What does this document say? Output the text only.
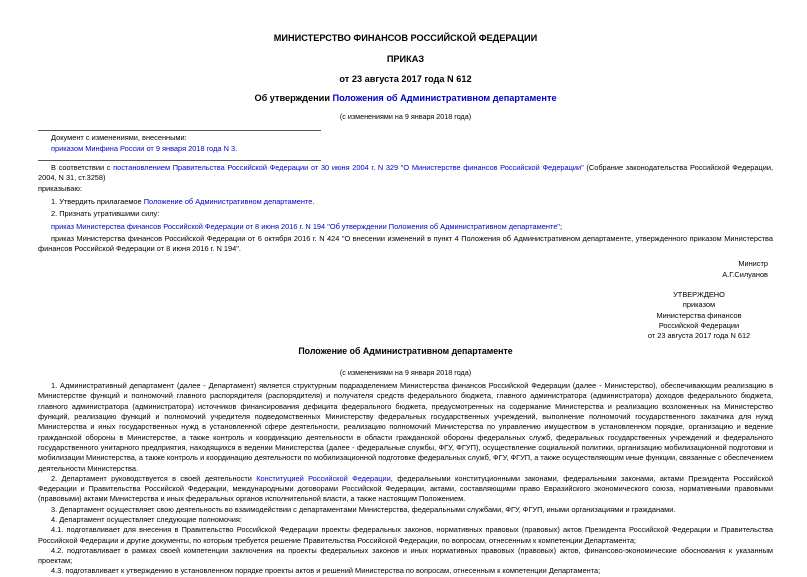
МИНИСТЕРСТВО ФИНАНСОВ РОССИЙСКОЙ ФЕДЕРАЦИИ

ПРИКАЗ

от 23 августа 2017 года N 612

Об утверждении Положения об Административном департаменте

(с изменениями на 9 января 2018 года)

Документ с изменениями, внесенными:

приказом Минфина России от 9 января 2018 года N 3.

В соответствии с постановлением Правительства Российской Федерации от 30 июня 2004 г. N 329 "О Министерстве финансов Российской Федерации" (Собрание законодательства Российской Федерации, 2004, N 31, ст.3258)

приказываю:

1. Утвердить прилагаемое Положение об Административном департаменте.

2. Признать утратившими силу:

приказ Министерства финансов Российской Федерации от 8 июня 2016 г. N 194 "Об утверждении Положения об Административном департаменте";

приказ Министерства финансов Российской Федерации от 6 октября 2016 г. N 424 "О внесении изменений в пункт 4 Положения об Административном департаменте, утвержденного приказом Министерства финансов Российской Федерации от 8 июня 2016 г. N 194".

Министр

А.Г.Силуанов

УТВЕРЖДЕНО

приказом

Министерства финансов

Российской Федерации

от 23 августа 2017 года N 612

Положение об Административном департаменте

(с изменениями на 9 января 2018 года)

1. Административный департамент (далее - Департамент) является структурным подразделением Министерства финансов Российской Федерации (далее - Министерство), обеспечивающим реализацию в Министерстве функций и полномочий главного распорядителя (распорядителя) и получателя средств федерального бюджета, главного администратора (администратора) доходов федерального бюджета, главного администратора (администратора) источников финансирования дефицита федерального бюджета, предусмотренных на содержание Министерства и реализацию возложенных на Министерство функций, реализацию функций и полномочий учредителя подведомственных Министерству федеральных государственных учреждений, выполнение полномочий государственного заказчика для нужд Министерства и иных государственных нужд в установленной сфере деятельности, реализацию полномочий Министерства по управлению имуществом в установленном порядке, организацию и ведение гражданской обороны в Министерстве, а также контроль и координацию деятельности в области гражданской обороны федеральных служб, федеральных государственных учреждений и федерального государственного унитарного предприятия, находящихся в ведении Министерства (далее - федеральные службы, ФГУ, ФГУП), осуществление социальной политики, организацию мобилизационной подготовки и мобилизации Министерства, а также контроль и координацию деятельности по мобилизационной подготовке федеральных служб, ФГУ, ФГУП, а также осуществляющим иные функции, связанные с обеспечением деятельности Министерства.

2. Департамент руководствуется в своей деятельности Конституцией Российской Федерации, федеральными конституционными законами, федеральными законами, актами Президента Российской Федерации и Правительства Российской Федерации, международными договорами Российской Федерации, актами, составляющими право Евразийского экономического союза, нормативными правовыми (правовыми) актами Министерства и иных федеральных органов исполнительной власти, а также настоящим Положением.

3. Департамент осуществляет свою деятельность во взаимодействии с департаментами Министерства, федеральными службами, ФГУ, ФГУП, иными организациями и гражданами.

4. Департамент осуществляет следующие полномочия:

4.1. подготавливает для внесения в Правительство Российской Федерации проекты федеральных законов, нормативных правовых (правовых) актов Президента Российской Федерации и Правительства Российской Федерации и другие документы, по которым требуется решение Правительства Российской Федерации, по вопросам, отнесенным к компетенции Департамента;

4.2. подготавливает в рамках своей компетенции заключения на проекты федеральных законов и иных нормативных правовых (правовых) актов, финансово-экономические обоснования к указанным проектам;

4.3. подготавливает к утверждению в установленном порядке проекты актов и решений Министерства по вопросам, отнесенным к компетенции Департамента;
